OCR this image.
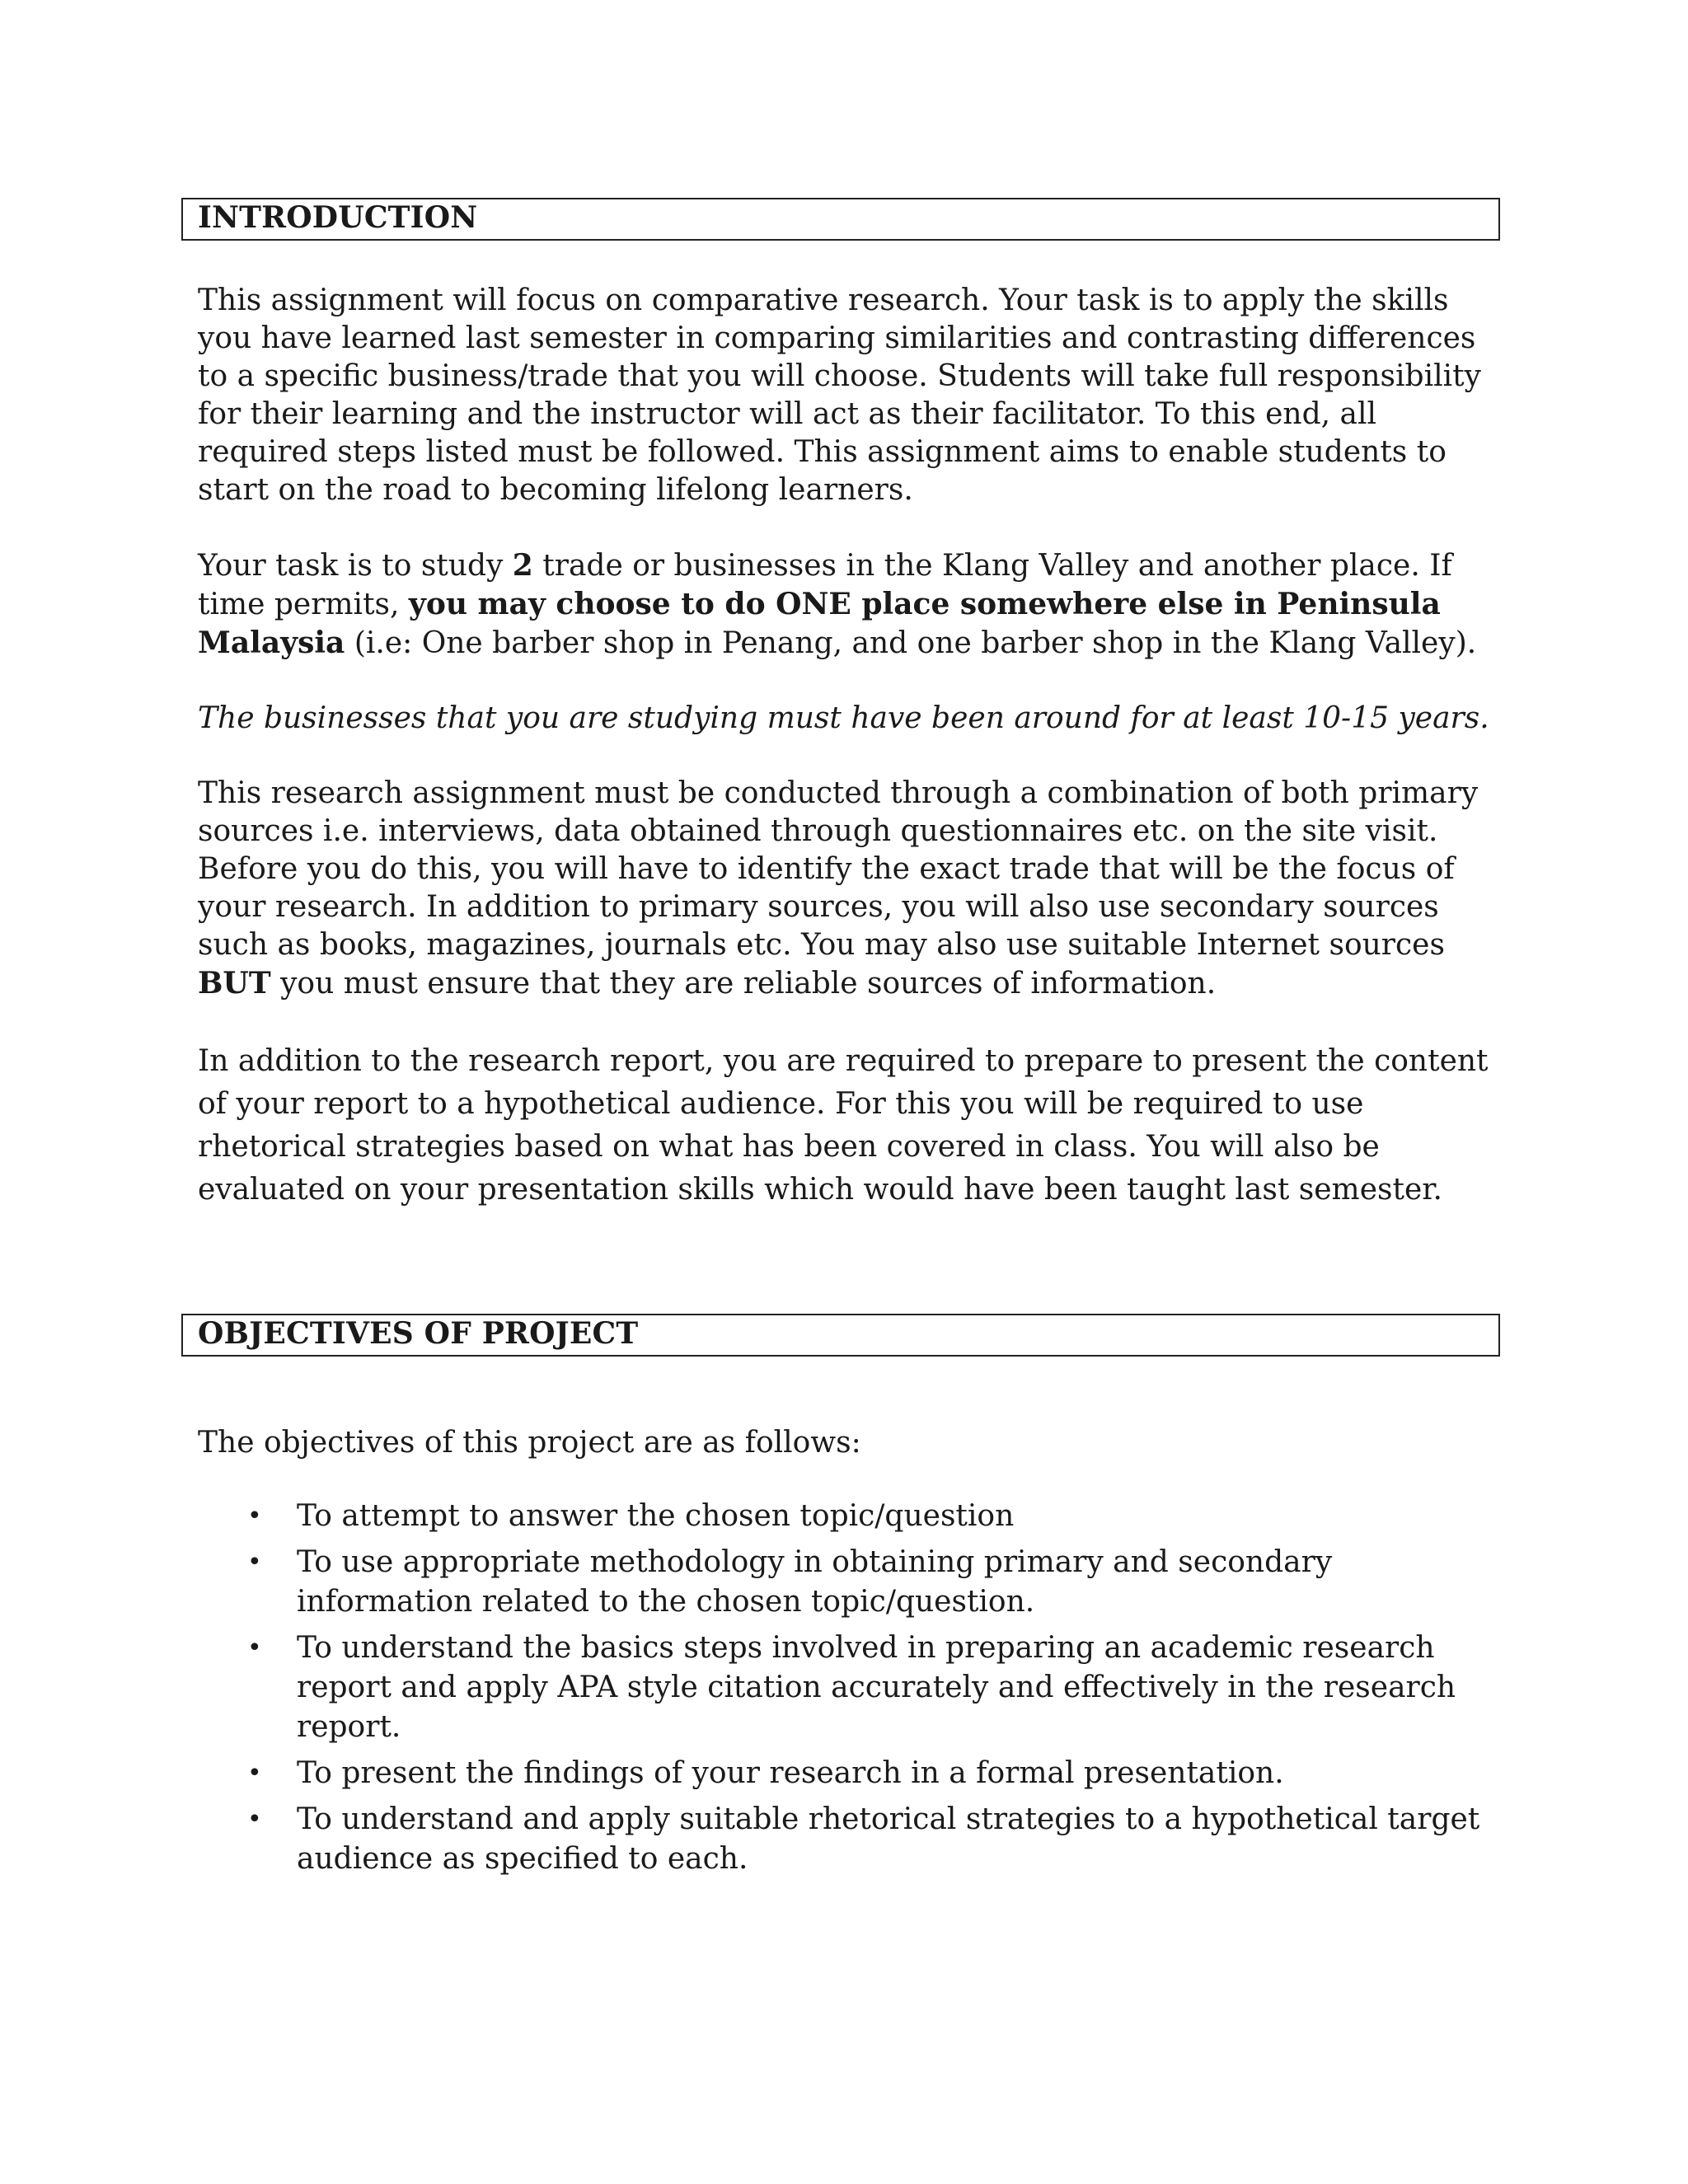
INTRODUCTION

This assignment will focus on comparative research. Your task is to apply the skills you have learned last semester in comparing similarities and contrasting differences to a specific business/trade that you will choose. Students will take full responsibility for their learning and the instructor will act as their facilitator. To this end, all required steps listed must be followed. This assignment aims to enable students to start on the road to becoming lifelong learners.

Your task is to study 2 trade or businesses in the Klang Valley and another place. If time permits, you may choose to do ONE place somewhere else in Peninsula Malaysia (i.e: One barber shop in Penang, and one barber shop in the Klang Valley).

The businesses that you are studying must have been around for at least 10-15 years.

This research assignment must be conducted through a combination of both primary sources i.e. interviews, data obtained through questionnaires etc. on the site visit. Before you do this, you will have to identify the exact trade that will be the focus of your research. In addition to primary sources, you will also use secondary sources such as books, magazines, journals etc. You may also use suitable Internet sources BUT you must ensure that they are reliable sources of information.

In addition to the research report, you are required to prepare to present the content of your report to a hypothetical audience. For this you will be required to use rhetorical strategies based on what has been covered in class. You will also be evaluated on your presentation skills which would have been taught last semester.

OBJECTIVES OF PROJECT

The objectives of this project are as follows:

• To attempt to answer the chosen topic/question
• To use appropriate methodology in obtaining primary and secondary information related to the chosen topic/question.
• To understand the basics steps involved in preparing an academic research report and apply APA style citation accurately and effectively in the research report.
• To present the findings of your research in a formal presentation.
• To understand and apply suitable rhetorical strategies to a hypothetical target audience as specified to each.
